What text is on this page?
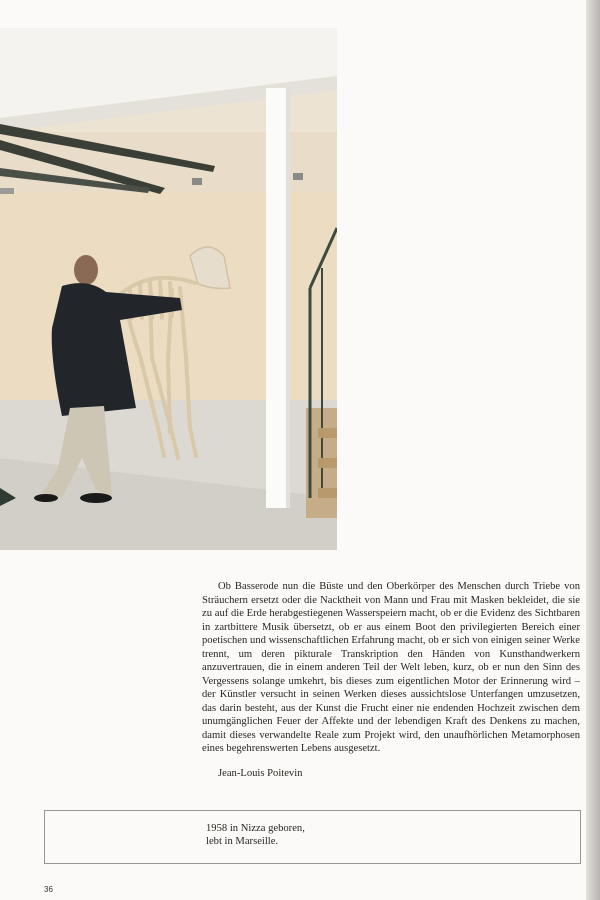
Ob Basserode nun die Büste und den Oberkörper des Menschen durch Triebe von Sträuchern ersetzt oder die Nacktheit von Mann und Frau mit Masken bekleidet, die sie zu auf die Erde herabgestiegenen Wasserspeiern macht, ob er die Evidenz des Sichtbaren in zartbittere Musik übersetzt, ob er aus einem Boot den privilegierten Bereich einer poetischen und wissenschaftlichen Erfahrung macht, ob er sich von einigen seiner Werke trennt, um deren pikturale Transkription den Händen von Kunsthandwerkern anzuvertrauen, die in einem anderen Teil der Welt leben, kurz, ob er nun den Sinn des Vergessens solange umkehrt, bis dieses zum eigentlichen Motor der Erinnerung wird – der Künstler versucht in seinen Werken dieses aussichtslose Unterfangen umzusetzen, das darin besteht, aus der Kunst die Frucht einer nie endenden Hochzeit zwischen dem unumgänglichen Feuer der Affekte und der lebendigen Kraft des Denkens zu machen, damit dieses verwandelte Reale zum Projekt wird, den unaufhörlichen Metamorphosen eines begehrenswerten Lebens ausgesetzt.

Jean-Louis Poitevin

1958 in Nizza geboren,

lebt in Marseille.

36
